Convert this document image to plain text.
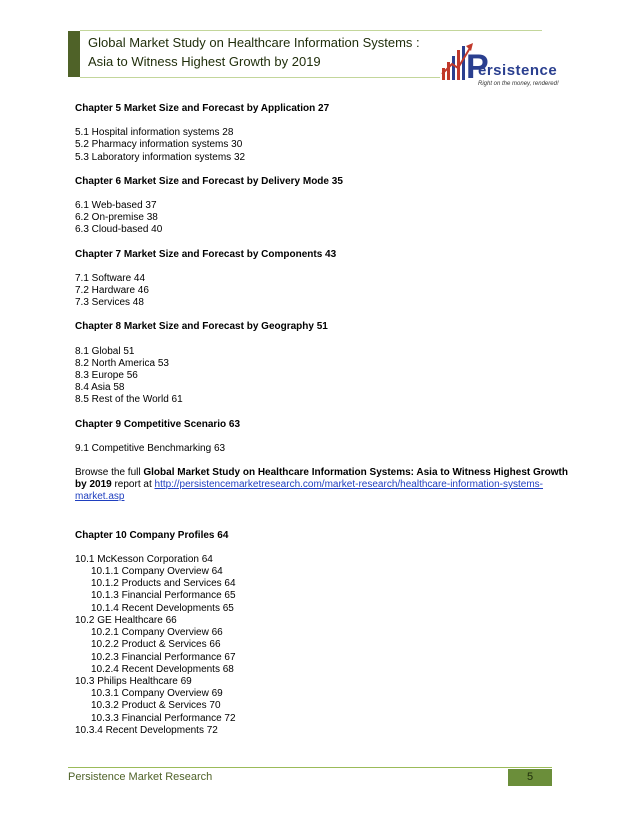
Global Market Study on Healthcare Information Systems :
Asia to Witness Highest Growth by 2019	P
ersistence
Right on the money, rendered!
Chapter 5 Market Size and Forecast by Application 27
5.1 Hospital information systems 28
5.2 Pharmacy information systems 30
5.3 Laboratory information systems 32
Chapter 6 Market Size and Forecast by Delivery Mode 35
6.1 Web-based 37
6.2 On-premise 38
6.3 Cloud-based 40
Chapter 7 Market Size and Forecast by Components 43
7.1 Software 44
7.2 Hardware 46
7.3 Services 48
Chapter 8 Market Size and Forecast by Geography 51
8.1 Global 51
8.2 North America 53
8.3 Europe 56
8.4 Asia 58
8.5 Rest of the World 61
Chapter 9 Competitive Scenario 63
9.1 Competitive Benchmarking 63
Browse the full Global Market Study on Healthcare Information Systems: Asia to Witness Highest Growth by 2019 report at http://persistencemarketresearch.com/market-research/healthcare-information-systems-market.asp
Chapter 10 Company Profiles 64
10.1 McKesson Corporation 64
10.1.1 Company Overview 64
10.1.2 Products and Services 64
10.1.3 Financial Performance 65
10.1.4 Recent Developments 65
10.2 GE Healthcare 66
10.2.1 Company Overview 66
10.2.2 Product & Services 66
10.2.3 Financial Performance 67
10.2.4 Recent Developments 68
10.3 Philips Healthcare 69
10.3.1 Company Overview 69
10.3.2 Product & Services 70
10.3.3 Financial Performance 72
10.3.4 Recent Developments 72
Persistence Market Research	5
